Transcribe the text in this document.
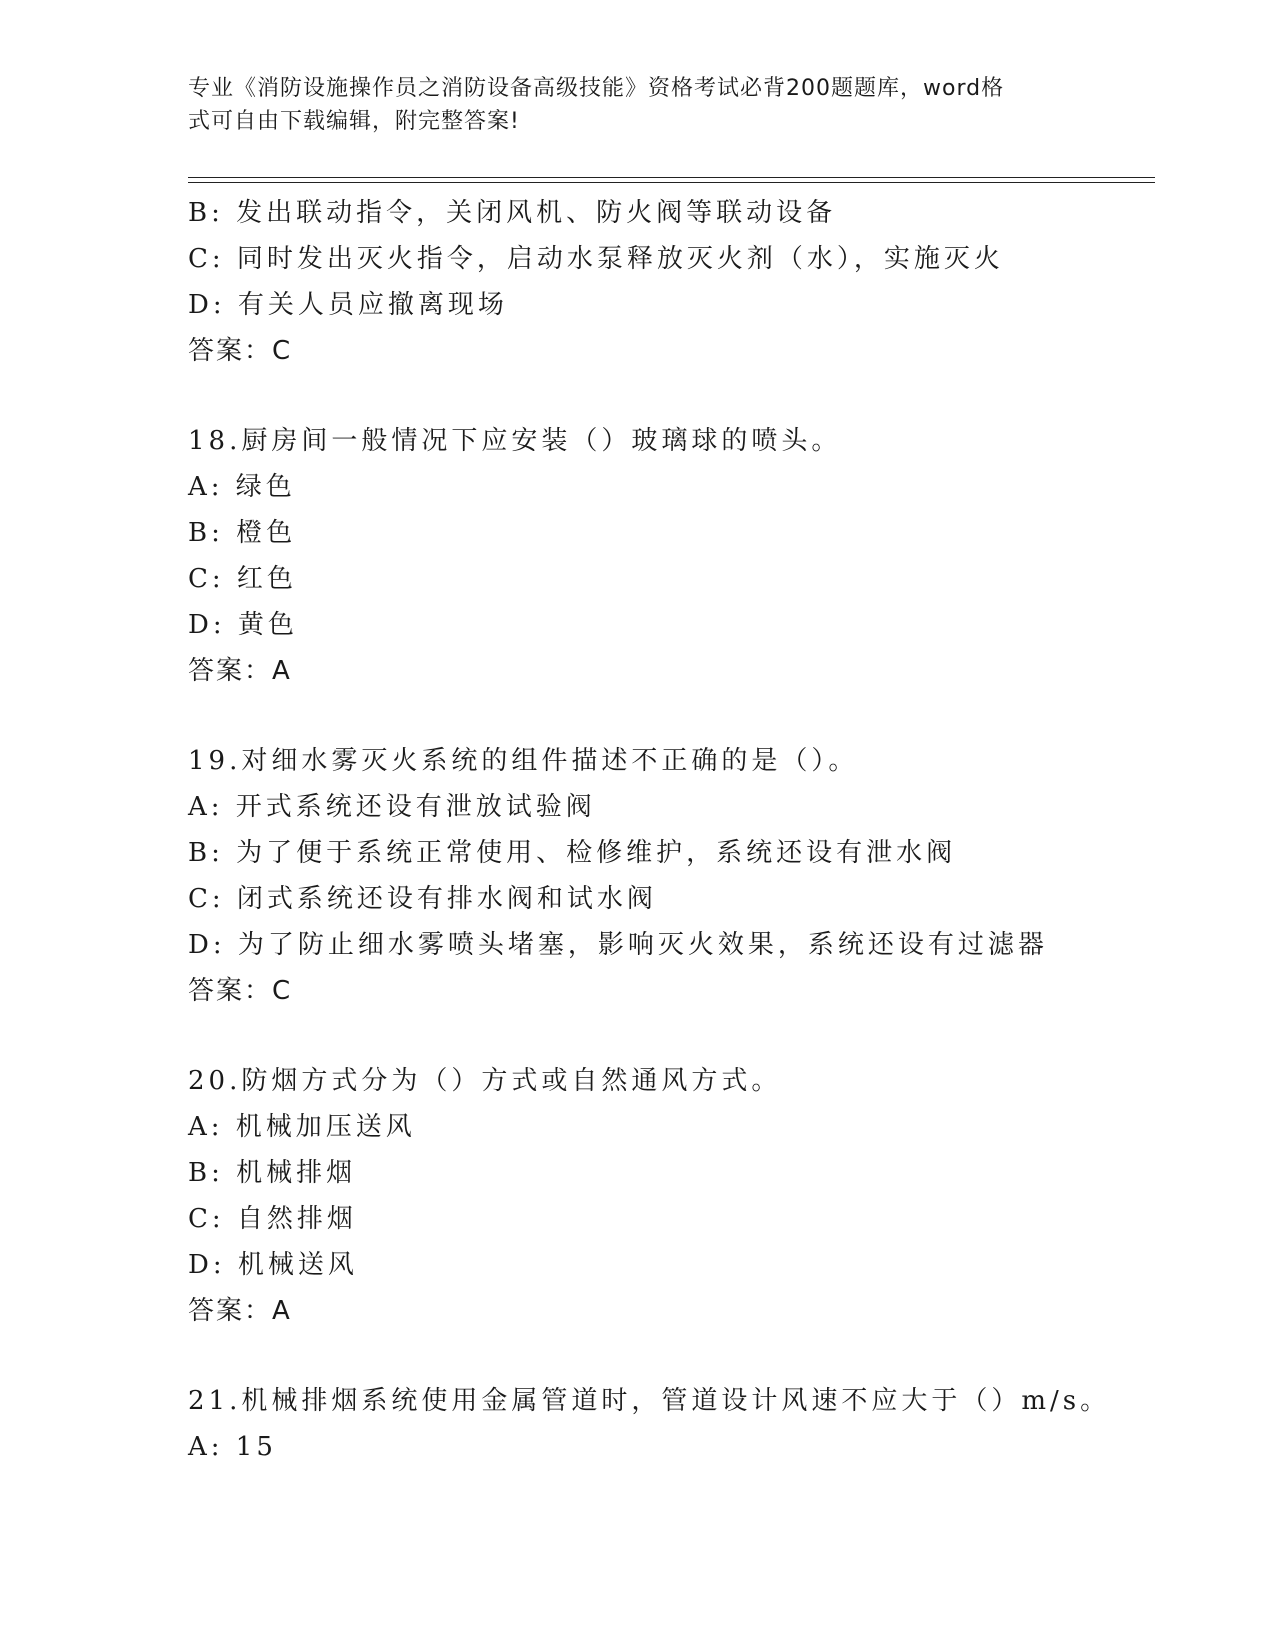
专业《消防设施操作员之消防设备高级技能》资格考试必背200题题库，word格
式可自由下载编辑，附完整答案!
B: 发出联动指令，关闭风机、防火阀等联动设备
C: 同时发出灭火指令，启动水泵释放灭火剂（水），实施灭火
D: 有关人员应撤离现场
答案：C
18.厨房间一般情况下应安装（）玻璃球的喷头。
A: 绿色
B: 橙色
C: 红色
D: 黄色
答案：A
19.对细水雾灭火系统的组件描述不正确的是（）。
A: 开式系统还设有泄放试验阀
B: 为了便于系统正常使用、检修维护，系统还设有泄水阀
C: 闭式系统还设有排水阀和试水阀
D: 为了防止细水雾喷头堵塞，影响灭火效果，系统还设有过滤器
答案：C
20.防烟方式分为（）方式或自然通风方式。
A: 机械加压送风
B: 机械排烟
C: 自然排烟
D: 机械送风
答案：A
21.机械排烟系统使用金属管道时，管道设计风速不应大于（）m/s。
A: 15
